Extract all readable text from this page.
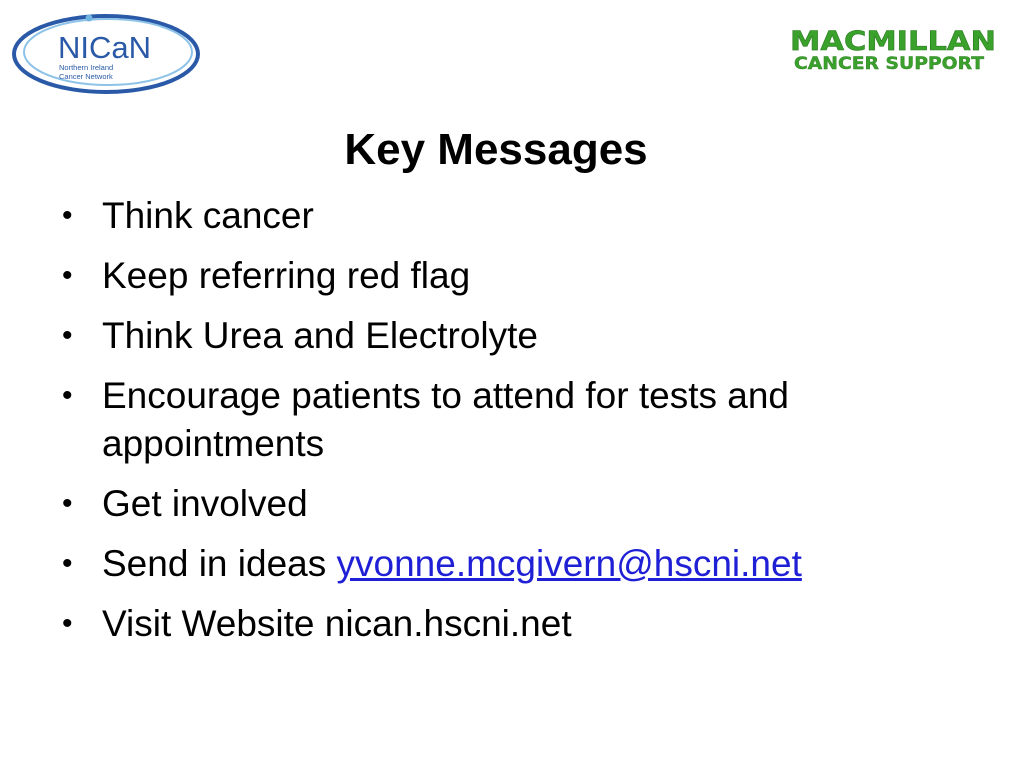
NICaN
Northern Ireland
Cancer Network
MACMILLAN
CANCER SUPPORT
Key Messages
• Think cancer
• Keep referring red flag
• Think Urea and Electrolyte
• Encourage patients to attend for tests and appointments
• Get involved
• Send in ideas yvonne.mcgivern@hscni.net
• Visit Website nican.hscni.net
